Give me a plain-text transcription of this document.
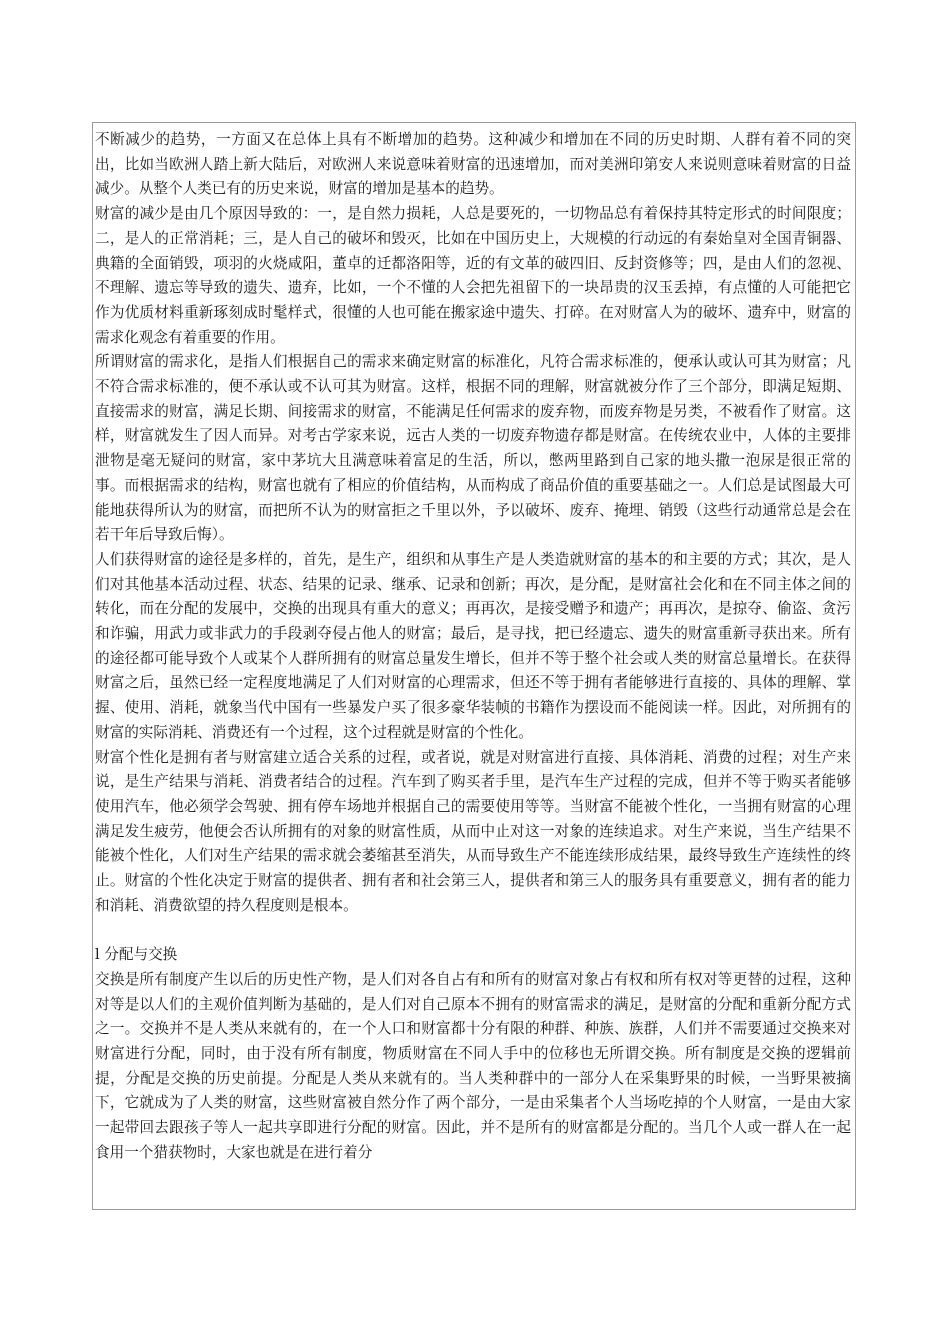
不断减少的趋势，一方面又在总体上具有不断增加的趋势。这种减少和增加在不同的历史时期、人群有着不同的突出，比如当欧洲人踏上新大陆后，对欧洲人来说意味着财富的迅速增加，而对美洲印第安人来说则意味着财富的日益减少。从整个人类已有的历史来说，财富的增加是基本的趋势。

财富的减少是由几个原因导致的：一，是自然力损耗，人总是要死的，一切物品总有着保持其特定形式的时间限度；二，是人的正常消耗；三，是人自己的破坏和毁灭，比如在中国历史上，大规模的行动远的有秦始皇对全国青铜器、典籍的全面销毁，项羽的火烧咸阳，董卓的迁都洛阳等，近的有文革的破四旧、反封资修等；四，是由人们的忽视、不理解、遗忘等导致的遗失、遗弃，比如，一个不懂的人会把先祖留下的一块昂贵的汉玉丢掉，有点懂的人可能把它作为优质材料重新琢刻成时髦样式，很懂的人也可能在搬家途中遗失、打碎。在对财富人为的破坏、遗弃中，财富的需求化观念有着重要的作用。

所谓财富的需求化，是指人们根据自己的需求来确定财富的标准化，凡符合需求标准的，便承认或认可其为财富；凡不符合需求标准的，便不承认或不认可其为财富。这样，根据不同的理解，财富就被分作了三个部分，即满足短期、直接需求的财富，满足长期、间接需求的财富，不能满足任何需求的废弃物，而废弃物是另类，不被看作了财富。这样，财富就发生了因人而异。对考古学家来说，远古人类的一切废弃物遗存都是财富。在传统农业中，人体的主要排泄物是毫无疑问的财富，家中茅坑大且满意味着富足的生活，所以，憋两里路到自己家的地头撒一泡尿是很正常的事。而根据需求的结构，财富也就有了相应的价值结构，从而构成了商品价值的重要基础之一。人们总是试图最大可能地获得所认为的财富，而把所不认为的财富拒之千里以外，予以破坏、废弃、掩埋、销毁（这些行动通常总是会在若干年后导致后悔）。

人们获得财富的途径是多样的，首先，是生产，组织和从事生产是人类造就财富的基本的和主要的方式；其次，是人们对其他基本活动过程、状态、结果的记录、继承、记录和创新；再次，是分配，是财富社会化和在不同主体之间的转化，而在分配的发展中，交换的出现具有重大的意义；再再次，是接受赠予和遗产；再再次，是掠夺、偷盗、贪污和诈骗，用武力或非武力的手段剥夺侵占他人的财富；最后，是寻找，把已经遗忘、遗失的财富重新寻获出来。所有的途径都可能导致个人或某个人群所拥有的财富总量发生增长，但并不等于整个社会或人类的财富总量增长。在获得财富之后，虽然已经一定程度地满足了人们对财富的心理需求，但还不等于拥有者能够进行直接的、具体的理解、掌握、使用、消耗，就象当代中国有一些暴发户买了很多豪华装帧的书籍作为摆设而不能阅读一样。因此，对所拥有的财富的实际消耗、消费还有一个过程，这个过程就是财富的个性化。

财富个性化是拥有者与财富建立适合关系的过程，或者说，就是对财富进行直接、具体消耗、消费的过程；对生产来说，是生产结果与消耗、消费者结合的过程。汽车到了购买者手里，是汽车生产过程的完成，但并不等于购买者能够使用汽车，他必须学会驾驶、拥有停车场地并根据自己的需要使用等等。当财富不能被个性化，一当拥有财富的心理满足发生疲劳，他便会否认所拥有的对象的财富性质，从而中止对这一对象的连续追求。对生产来说，当生产结果不能被个性化，人们对生产结果的需求就会萎缩甚至消失，从而导致生产不能连续形成结果，最终导致生产连续性的终止。财富的个性化决定于财富的提供者、拥有者和社会第三人，提供者和第三人的服务具有重要意义，拥有者的能力和消耗、消费欲望的持久程度则是根本。

l 分配与交换

交换是所有制度产生以后的历史性产物，是人们对各自占有和所有的财富对象占有权和所有权对等更替的过程，这种对等是以人们的主观价值判断为基础的，是人们对自己原本不拥有的财富需求的满足，是财富的分配和重新分配方式之一。交换并不是人类从来就有的，在一个人口和财富都十分有限的种群、种族、族群，人们并不需要通过交换来对财富进行分配，同时，由于没有所有制度，物质财富在不同人手中的位移也无所谓交换。所有制度是交换的逻辑前提，分配是交换的历史前提。分配是人类从来就有的。当人类种群中的一部分人在采集野果的时候，一当野果被摘下，它就成为了人类的财富，这些财富被自然分作了两个部分，一是由采集者个人当场吃掉的个人财富，一是由大家一起带回去跟孩子等人一起共享即进行分配的财富。因此，并不是所有的财富都是分配的。当几个人或一群人在一起食用一个猎获物时，大家也就是在进行着分
